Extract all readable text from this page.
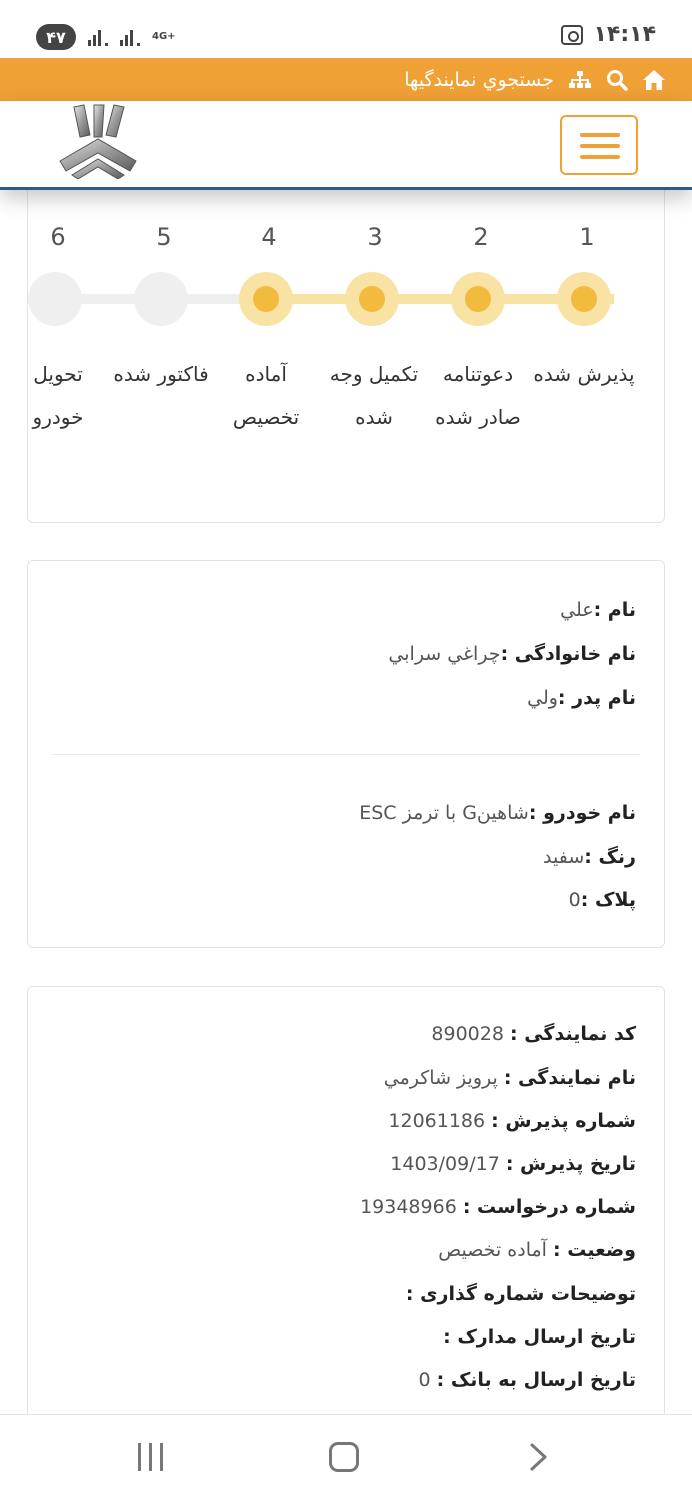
۴۷	4G+	۱۴:۱۴
جستجوي نمايندگيها
1
پذيرش شده
2
دعوتنامه صادر شده
3
تکميل وجه شده
4
آماده تخصيص
5
فاکتور شده
6
تحويل خودرو
نام :علي
نام خانوادگی :چراغي سرابي
نام پدر :ولي
نام خودرو :شاهينG با ترمز ESC
رنگ :سفيد
پلاک :0
کد نمایندگی : 890028
نام نمایندگی : پرويز شاکرمي
شماره پذیرش : 12061186
تاریخ پذیرش : 1403/09/17
شماره درخواست : 19348966
وضعیت : آماده تخصيص
توضیحات شماره گذاری :
تاریخ ارسال مدارک :
تاریخ ارسال به بانک : 0
